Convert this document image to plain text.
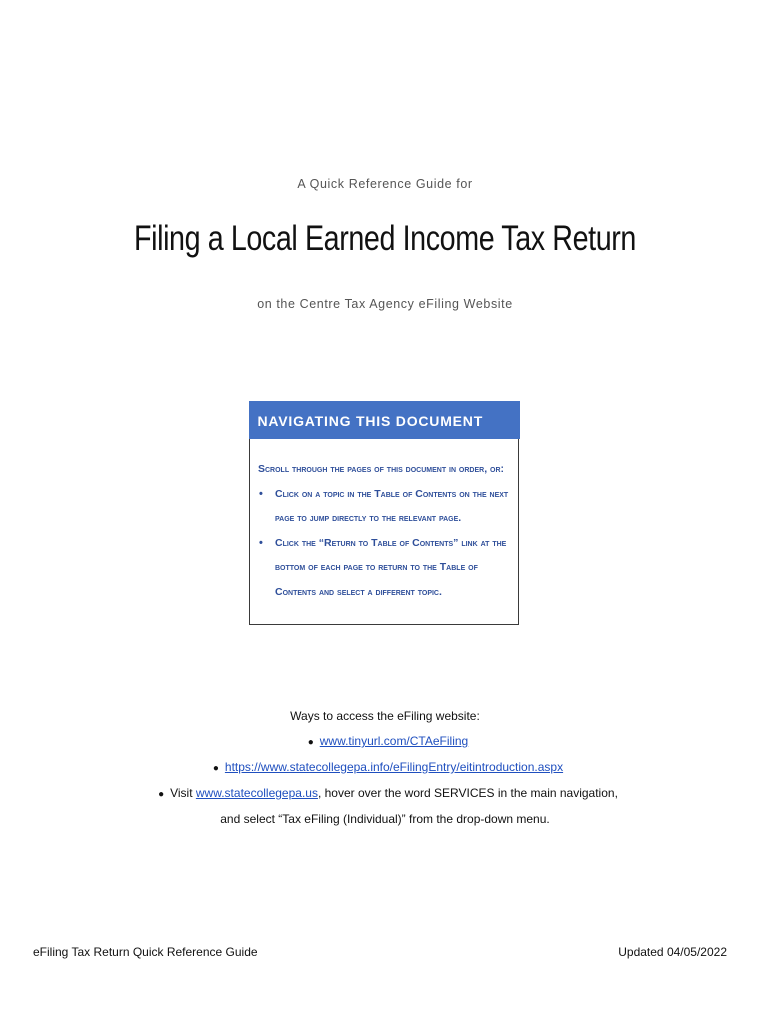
A Quick Reference Guide for
Filing a Local Earned Income Tax Return
on the Centre Tax Agency eFiling Website
NAVIGATING THIS DOCUMENT
Scroll through the pages of this document in order, or:
• Click on a topic in the Table of Contents on the next page to jump directly to the relevant page.
• Click the “Return to Table of Contents” link at the bottom of each page to return to the Table of Contents and select a different topic.
Ways to access the eFiling website:
● www.tinyurl.com/CTAeFiling
● https://www.statecollegepa.info/eFilingEntry/eitintroduction.aspx
● Visit www.statecollegepa.us, hover over the word SERVICES in the main navigation,
and select “Tax eFiling (Individual)” from the drop-down menu.
eFiling Tax Return Quick Reference Guide	Updated 04/05/2022
